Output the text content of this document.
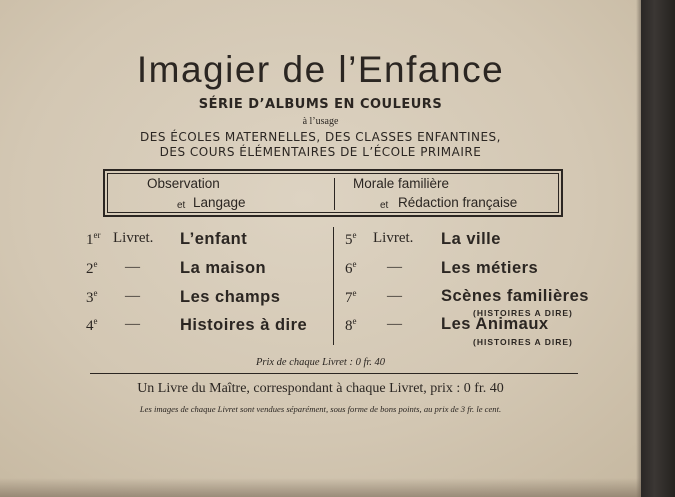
Imagier de l’Enfance
SÉRIE D’ALBUMS EN COULEURS
à l’usage
DES ÉCOLES MATERNELLES, DES CLASSES ENFANTINES,
DES COURS ÉLÉMENTAIRES DE L’ÉCOLE PRIMAIRE
Observation
et Langage
Morale familière
et Rédaction française
1er Livret. L’enfant
2e — La maison
3e — Les champs
4e — Histoires à dire
5e Livret. La ville
6e — Les métiers
7e — Scènes familières
(HISTOIRES A DIRE)
8e — Les Animaux
(HISTOIRES A DIRE)
Prix de chaque Livret : 0 fr. 40
Un Livre du Maître, correspondant à chaque Livret, prix : 0 fr. 40
Les images de chaque Livret sont vendues séparément, sous forme de bons points, au prix de 3 fr. le cent.
